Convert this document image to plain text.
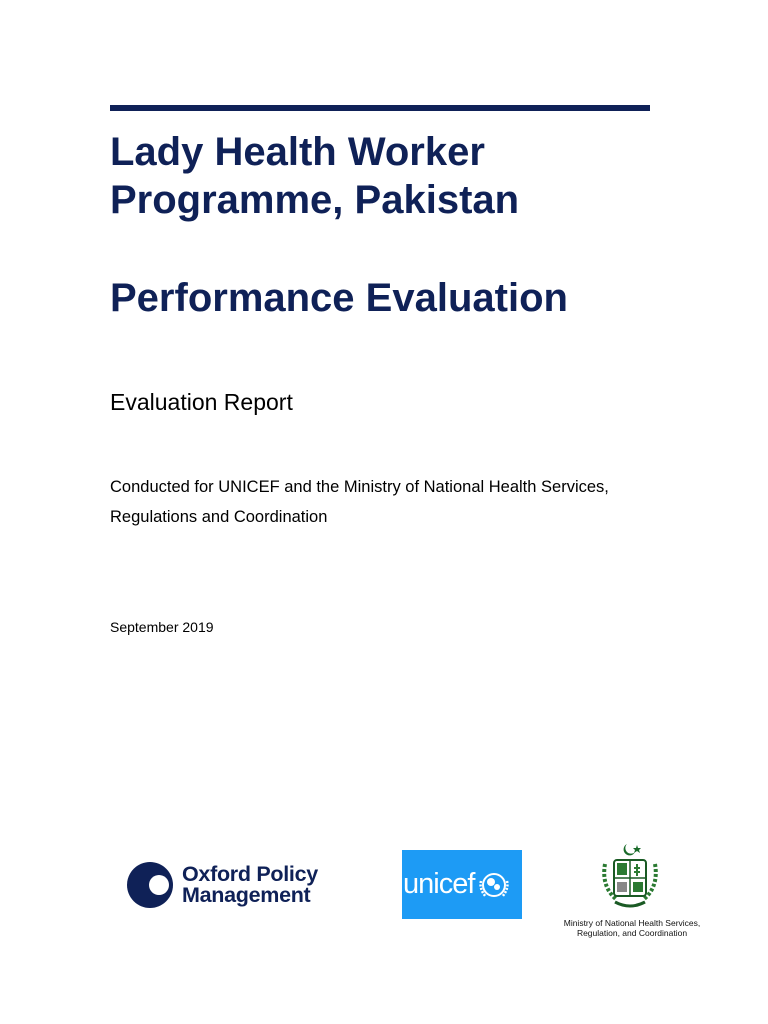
Lady Health Worker
Programme, Pakistan
Performance Evaluation
Evaluation Report
Conducted for UNICEF and the Ministry of National Health Services,
Regulations and Coordination
September 2019
Oxford Policy
Management	unicef
Ministry of National Health Services,
Regulation, and Coordination
